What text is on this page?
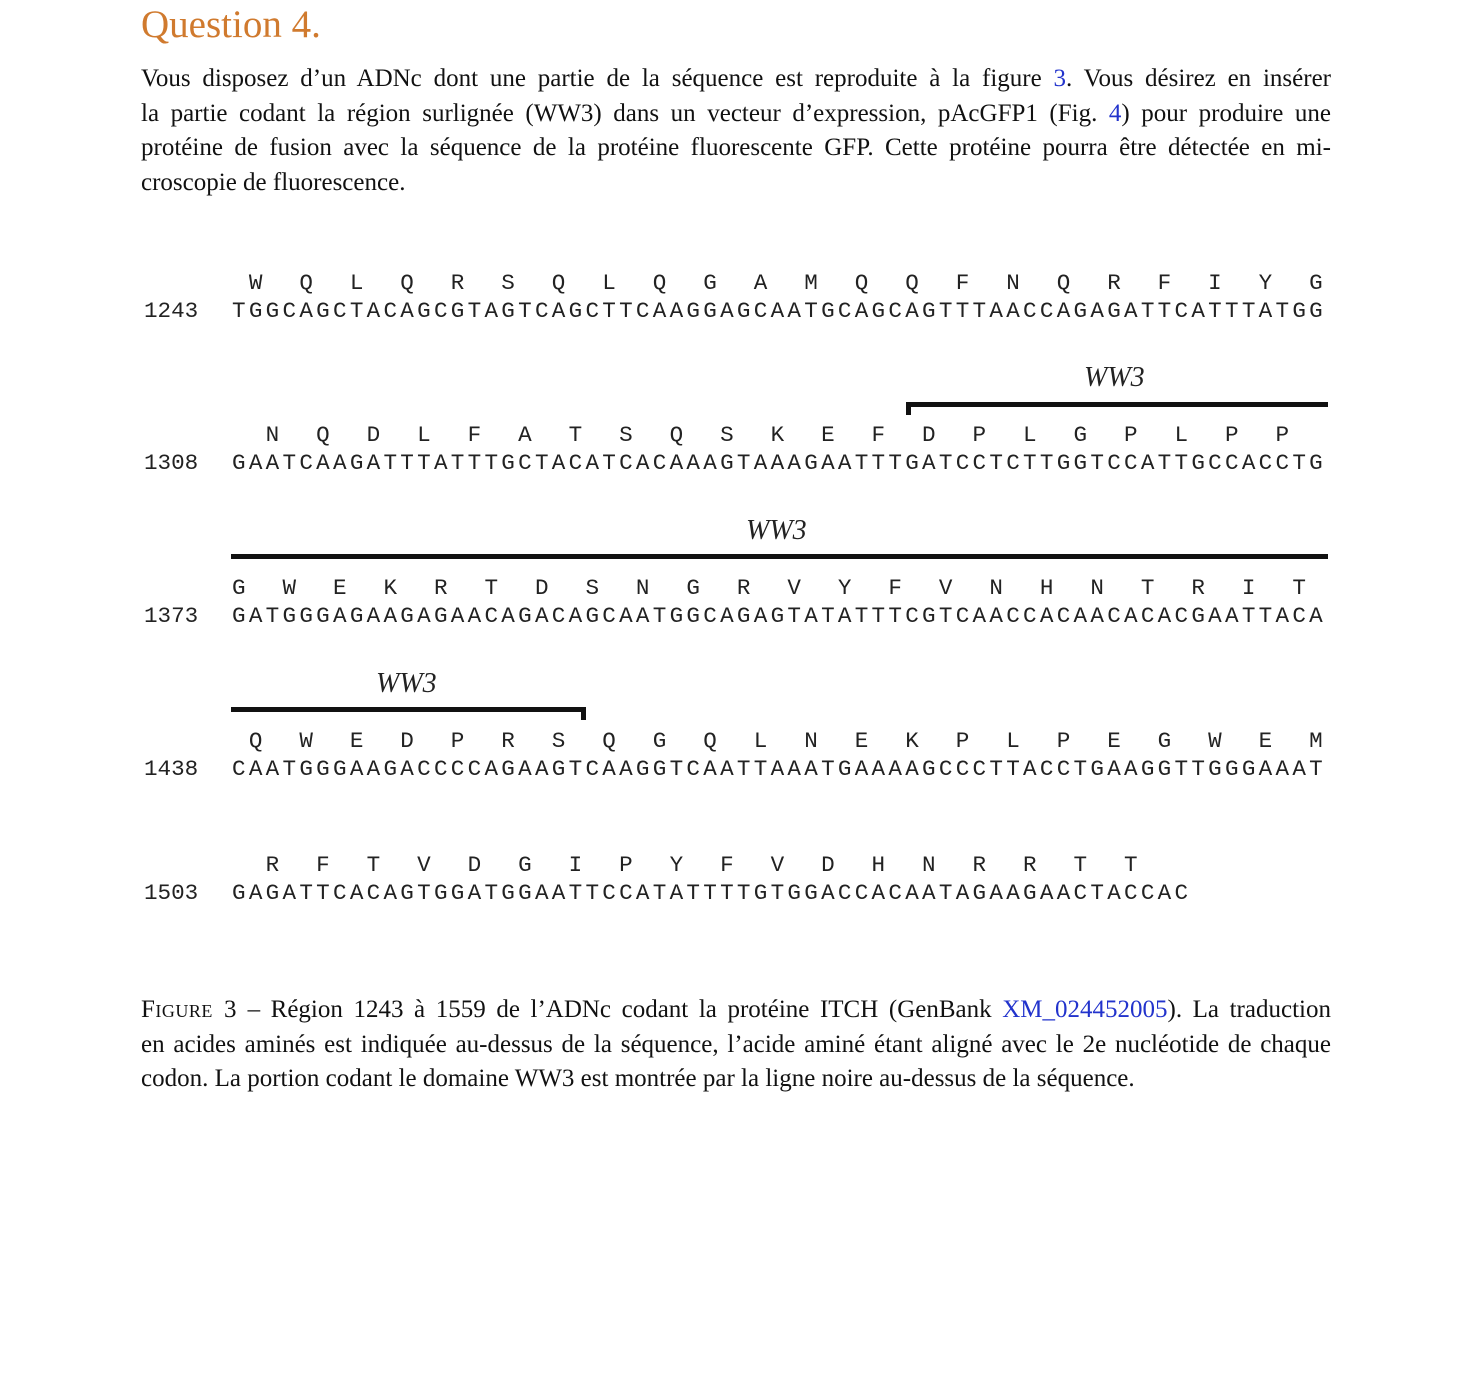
Question 4.
Vous disposez d’un ADNc dont une partie de la séquence est reproduite à la figure 3. Vous désirez en insérer
la partie codant la région surlignée (WW3) dans un vecteur d’expression, pAcGFP1 (Fig. 4) pour produire une
protéine de fusion avec la séquence de la protéine fluorescente GFP. Cette protéine pourra être détectée en mi-
croscopie de fluorescence.
W  Q  L  Q  R  S  Q  L  Q  G  A  M  Q  Q  F  N  Q  R  F  I  Y  G
1243 TGGCAGCTACAGCGTAGTCAGCTTCAAGGAGCAATGCAGCAGTTTAACCAGAGATTCATTTATGG
WW3
N  Q  D  L  F  A  T  S  Q  S  K  E  F  D  P  L  G  P  L  P  P
1308 GAATCAAGATTTATTTGCTACATCACAAAGTAAAGAATTTGATCCTCTTGGTCCATTGCCACCTG
WW3
G  W  E  K  R  T  D  S  N  G  R  V  Y  F  V  N  H  N  T  R  I  T
1373 GATGGGAGAAGAGAACAGACAGCAATGGCAGAGTATATTTCGTCAACCACAACACACGAATTACA
WW3
Q  W  E  D  P  R  S  Q  G  Q  L  N  E  K  P  L  P  E  G  W  E  M
1438 CAATGGGAAGACCCCAGAAGTCAAGGTCAATTAAATGAAAAGCCCTTACCTGAAGGTTGGGAAAT
R  F  T  V  D  G  I  P  Y  F  V  D  H  N  R  R  T  T
1503 GAGATTCACAGTGGATGGAATTCCATATTTTGTGGACCACAATAGAAGAACTACCAC
Figure 3 – Région 1243 à 1559 de l’ADNc codant la protéine ITCH (GenBank XM_024452005). La traduction
en acides aminés est indiquée au-dessus de la séquence, l’acide aminé étant aligné avec le 2e nucléotide de chaque
codon. La portion codant le domaine WW3 est montrée par la ligne noire au-dessus de la séquence.
